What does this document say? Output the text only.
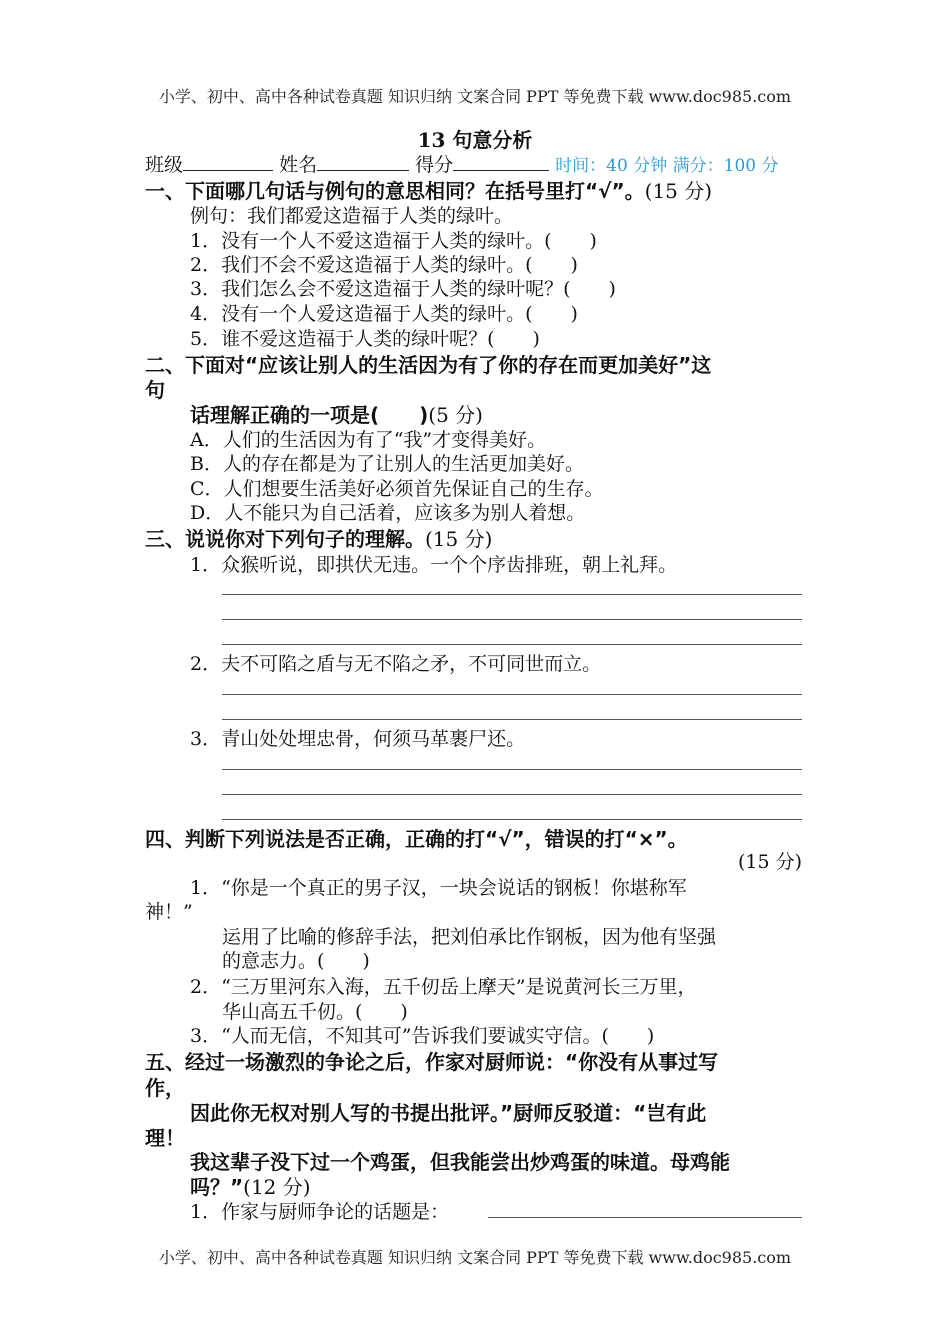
小学、初中、高中各种试卷真题 知识归纳 文案合同 PPT 等免费下载 www.doc985.com
13 句意分析
班级	姓名	得分	时间：40 分钟 满分：100 分
一、下面哪几句话与例句的意思相同？在括号里打“√”。(15 分)
例句：我们都爱这造福于人类的绿叶。
1．没有一个人不爱这造福于人类的绿叶。(　　)
2．我们不会不爱这造福于人类的绿叶。(　　)
3．我们怎么会不爱这造福于人类的绿叶呢？(　　)
4．没有一个人爱这造福于人类的绿叶。(　　)
5．谁不爱这造福于人类的绿叶呢？(　　)
二、下面对“应该让别人的生活因为有了你的存在而更加美好”这
句
话理解正确的一项是(　　)(5 分)
A．人们的生活因为有了“我”才变得美好。
B．人的存在都是为了让别人的生活更加美好。
C．人们想要生活美好必须首先保证自己的生存。
D．人不能只为自己活着，应该多为别人着想。
三、说说你对下列句子的理解。(15 分)
1．众猴听说，即拱伏无违。一个个序齿排班，朝上礼拜。
2．夫不可陷之盾与无不陷之矛，不可同世而立。
3．青山处处埋忠骨，何须马革裹尸还。
四、判断下列说法是否正确，正确的打“√”，错误的打“×”。
(15 分)
1．“你是一个真正的男子汉，一块会说话的钢板！你堪称军
神！”
运用了比喻的修辞手法，把刘伯承比作钢板，因为他有坚强
的意志力。(　　)
2．“三万里河东入海，五千仞岳上摩天”是说黄河长三万里，
华山高五千仞。(　　)
3．“人而无信，不知其可”告诉我们要诚实守信。(　　)
五、经过一场激烈的争论之后，作家对厨师说：“你没有从事过写
作，
因此你无权对别人写的书提出批评。”厨师反驳道：“岂有此
理！
我这辈子没下过一个鸡蛋，但我能尝出炒鸡蛋的味道。母鸡能
吗？”(12 分)
1．作家与厨师争论的话题是：
小学、初中、高中各种试卷真题 知识归纳 文案合同 PPT 等免费下载 www.doc985.com
